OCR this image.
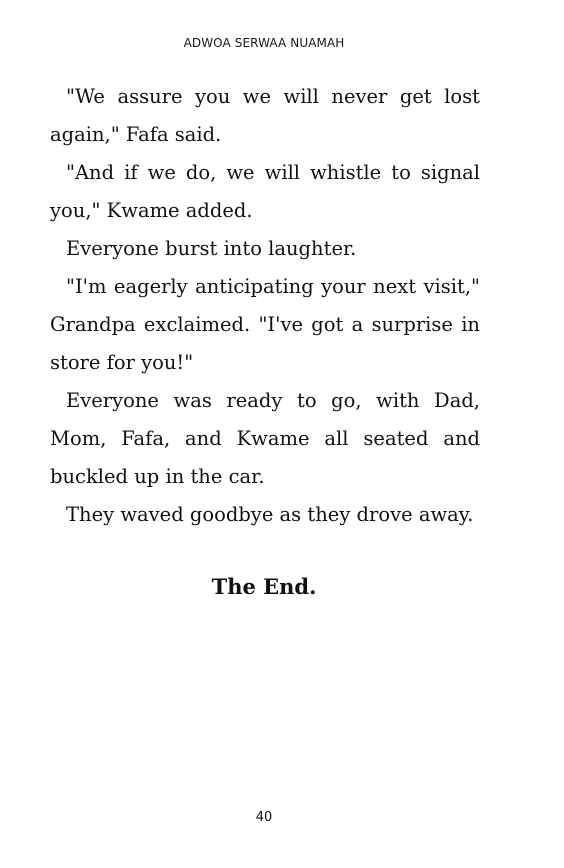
ADWOA SERWAA NUAMAH

"We assure you we will never get lost again," Fafa said.

"And if we do, we will whistle to signal you," Kwame added.

Everyone burst into laughter.

"I'm eagerly anticipating your next visit," Grandpa exclaimed. "I've got a surprise in store for you!"

Everyone was ready to go, with Dad, Mom, Fafa, and Kwame all seated and buckled up in the car.

They waved goodbye as they drove away.

The End.
40
